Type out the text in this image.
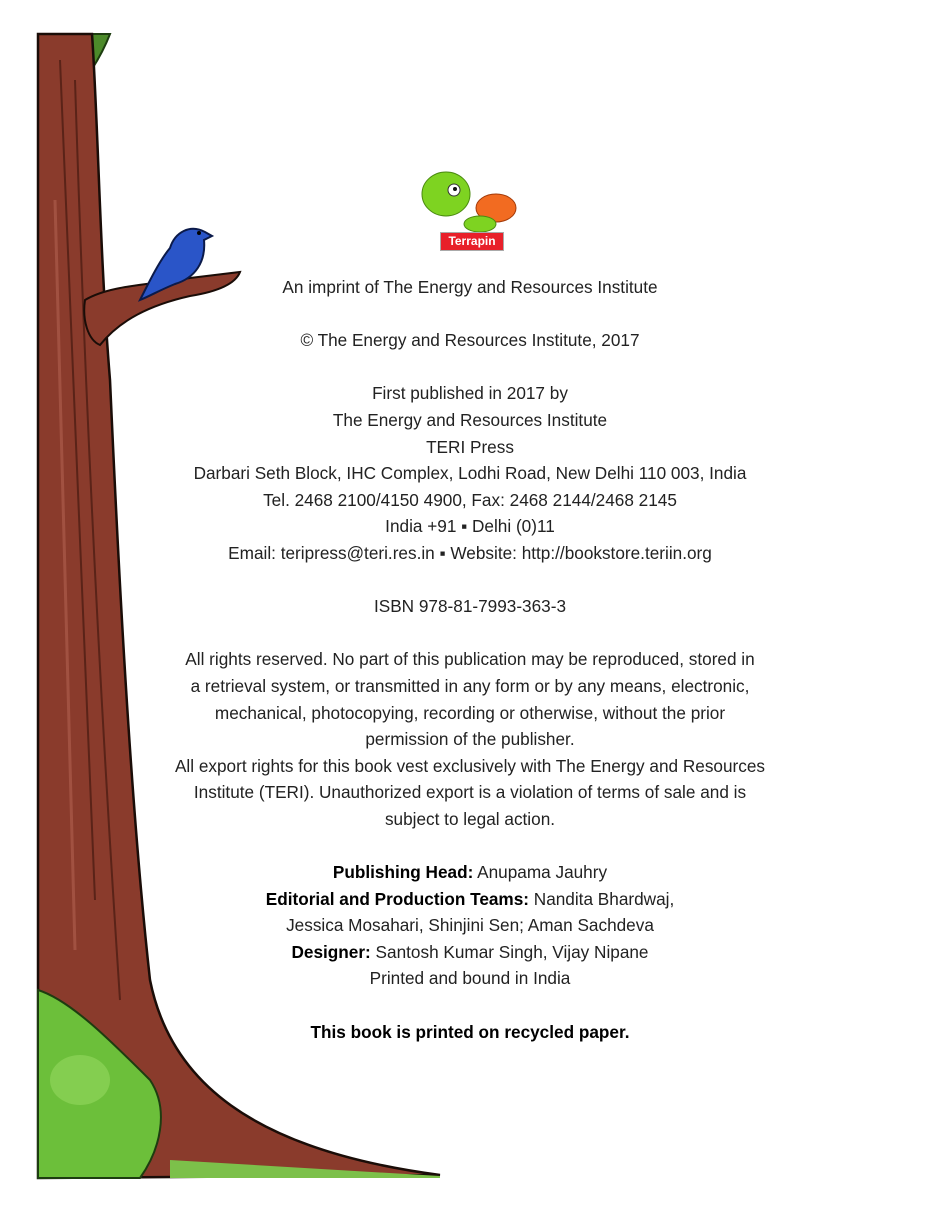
Terrapin
An imprint of The Energy and Resources Institute
© The Energy and Resources Institute, 2017
First published in 2017 by
The Energy and Resources Institute
TERI Press
Darbari Seth Block, IHC Complex, Lodhi Road, New Delhi 110 003, India
Tel. 2468 2100/4150 4900, Fax: 2468 2144/2468 2145
India +91 ▪ Delhi (0)11
Email: teripress@teri.res.in ▪ Website: http://bookstore.teriin.org
ISBN 978-81-7993-363-3
All rights reserved. No part of this publication may be reproduced, stored in
a retrieval system, or transmitted in any form or by any means, electronic,
mechanical, photocopying, recording or otherwise, without the prior
permission of the publisher.
All export rights for this book vest exclusively with The Energy and Resources
Institute (TERI). Unauthorized export is a violation of terms of sale and is
subject to legal action.
Publishing Head: Anupama Jauhry
Editorial and Production Teams: Nandita Bhardwaj,
Jessica Mosahari, Shinjini Sen; Aman Sachdeva
Designer: Santosh Kumar Singh, Vijay Nipane
Printed and bound in India
This book is printed on recycled paper.
